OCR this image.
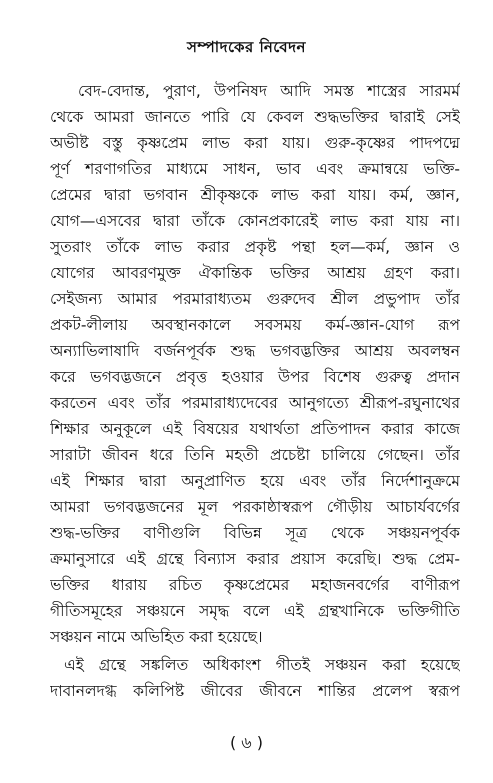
সম্পাদকের নিবেদন
বেদ-বেদান্ত, পুরাণ, উপনিষদ আদি সমস্ত শাস্ত্রের সারমর্ম
থেকে আমরা জানতে পারি যে কেবল শুদ্ধভক্তির দ্বারাই সেই
অভীষ্ট বস্তু কৃষ্ণপ্রেম লাভ করা যায়। গুরু-কৃষ্ণের পাদপদ্মে
পূর্ণ শরণাগতির মাধ্যমে সাধন, ভাব এবং ক্রমান্বয়ে ভক্তি-
প্রেমের দ্বারা ভগবান শ্রীকৃষ্ণকে লাভ করা যায়। কর্ম, জ্ঞান,
যোগ—এসবের দ্বারা তাঁকে কোনপ্রকারেই লাভ করা যায় না।
সুতরাং তাঁকে লাভ করার প্রকৃষ্ট পন্থা হল—কর্ম, জ্ঞান ও
যোগের আবরণমুক্ত ঐকান্তিক ভক্তির আশ্রয় গ্রহণ করা।
সেইজন্য আমার পরমারাধ্যতম গুরুদেব শ্রীল প্রভুপাদ তাঁর
প্রকট-লীলায় অবস্থানকালে সবসময় কর্ম-জ্ঞান-যোগ রূপ
অন্যাভিলাষাদি বর্জনপূর্বক শুদ্ধ ভগবদ্ভক্তির আশ্রয় অবলম্বন
করে ভগবদ্ভজনে প্রবৃত্ত হওয়ার উপর বিশেষ গুরুত্ব প্রদান
করতেন এবং তাঁর পরমারাধ্যদেবের আনুগত্যে শ্রীরূপ-রঘুনাথের
শিক্ষার অনুকূলে এই বিষয়ের যথার্থতা প্রতিপাদন করার কাজে
সারাটা জীবন ধরে তিনি মহতী প্রচেষ্টা চালিয়ে গেছেন। তাঁর
এই শিক্ষার দ্বারা অনুপ্রাণিত হয়ে এবং তাঁর নির্দেশানুক্রমে
আমরা ভগবদ্ভজনের মূল পরকাষ্ঠাস্বরূপ গৌড়ীয় আচার্যবর্গের
শুদ্ধ-ভক্তির বাণীগুলি বিভিন্ন সূত্র থেকে সঞ্চয়নপূর্বক
ক্রমানুসারে এই গ্রন্থে বিন্যাস করার প্রয়াস করেছি। শুদ্ধ প্রেম-
ভক্তির ধারায় রচিত কৃষ্ণপ্রেমের মহাজনবর্গের বাণীরূপ
গীতিসমূহের সঞ্চয়নে সমৃদ্ধ বলে এই গ্রন্থখানিকে ভক্তিগীতি
সঞ্চয়ন নামে অভিহিত করা হয়েছে।
এই গ্রন্থে সঙ্কলিত অধিকাংশ গীতই সঞ্চয়ন করা হয়েছে
দাবানলদগ্ধ কলিপিষ্ট জীবের জীবনে শান্তির প্রলেপ স্বরূপ
( ৬ )
